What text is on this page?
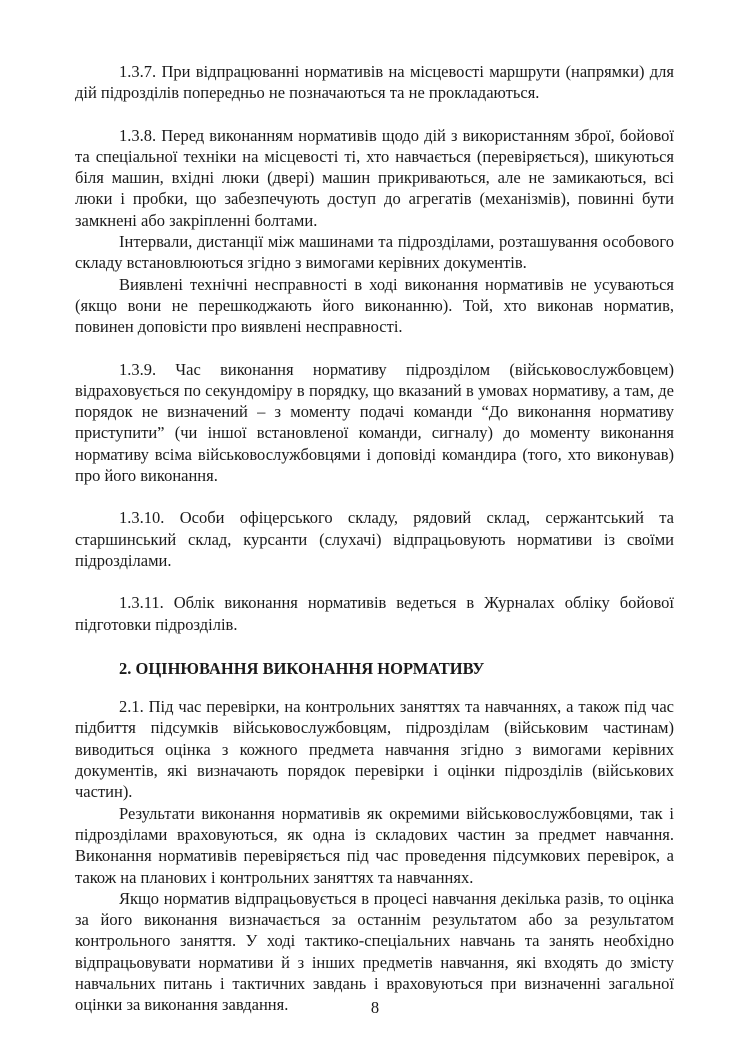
1.3.7. При відпрацюванні нормативів на місцевості маршрути (напрямки) для дій підрозділів попередньо не позначаються та не прокладаються.

1.3.8. Перед виконанням нормативів щодо дій з використанням зброї, бойової та спеціальної техніки на місцевості ті, хто навчається (перевіряється), шикуються біля машин, вхідні люки (двері) машин прикриваються, але не замикаються, всі люки і пробки, що забезпечують доступ до агрегатів (механізмів), повинні бути замкнені або закріпленні болтами.

Інтервали, дистанції між машинами та підрозділами, розташування особового складу встановлюються згідно з вимогами керівних документів.

Виявлені технічні несправності в ході виконання нормативів не усуваються (якщо вони не перешкоджають його виконанню). Той, хто виконав норматив, повинен доповісти про виявлені несправності.

1.3.9. Час виконання нормативу підрозділом (військовослужбовцем) відраховується по секундоміру в порядку, що вказаний в умовах нормативу, а там, де порядок не визначений – з моменту подачі команди “До виконання нормативу приступити” (чи іншої встановленої команди, сигналу) до моменту виконання нормативу всіма військовослужбовцями і доповіді командира (того, хто виконував) про його виконання.

1.3.10. Особи офіцерського складу, рядовий склад, сержантський та старшинський склад, курсанти (слухачі) відпрацьовують нормативи із своїми підрозділами.

1.3.11. Облік виконання нормативів ведеться в Журналах обліку бойової підготовки підрозділів.

2. ОЦІНЮВАННЯ ВИКОНАННЯ НОРМАТИВУ

2.1. Під час перевірки, на контрольних заняттях та навчаннях, а також під час підбиття підсумків військовослужбовцям, підрозділам (військовим частинам) виводиться оцінка з кожного предмета навчання згідно з вимогами керівних документів, які визначають порядок перевірки і оцінки підрозділів (військових частин).

Результати виконання нормативів як окремими військовослужбовцями, так і підрозділами враховуються, як одна із складових частин за предмет навчання. Виконання нормативів перевіряється під час проведення підсумкових перевірок, а також на планових і контрольних заняттях та навчаннях.

Якщо норматив відпрацьовується в процесі навчання декілька разів, то оцінка за його виконання визначається за останнім результатом або за результатом контрольного заняття. У ході тактико-спеціальних навчань та занять необхідно відпрацьовувати нормативи й з інших предметів навчання, які входять до змісту навчальних питань і тактичних завдань і враховуються при визначенні загальної оцінки за виконання завдання.	8
